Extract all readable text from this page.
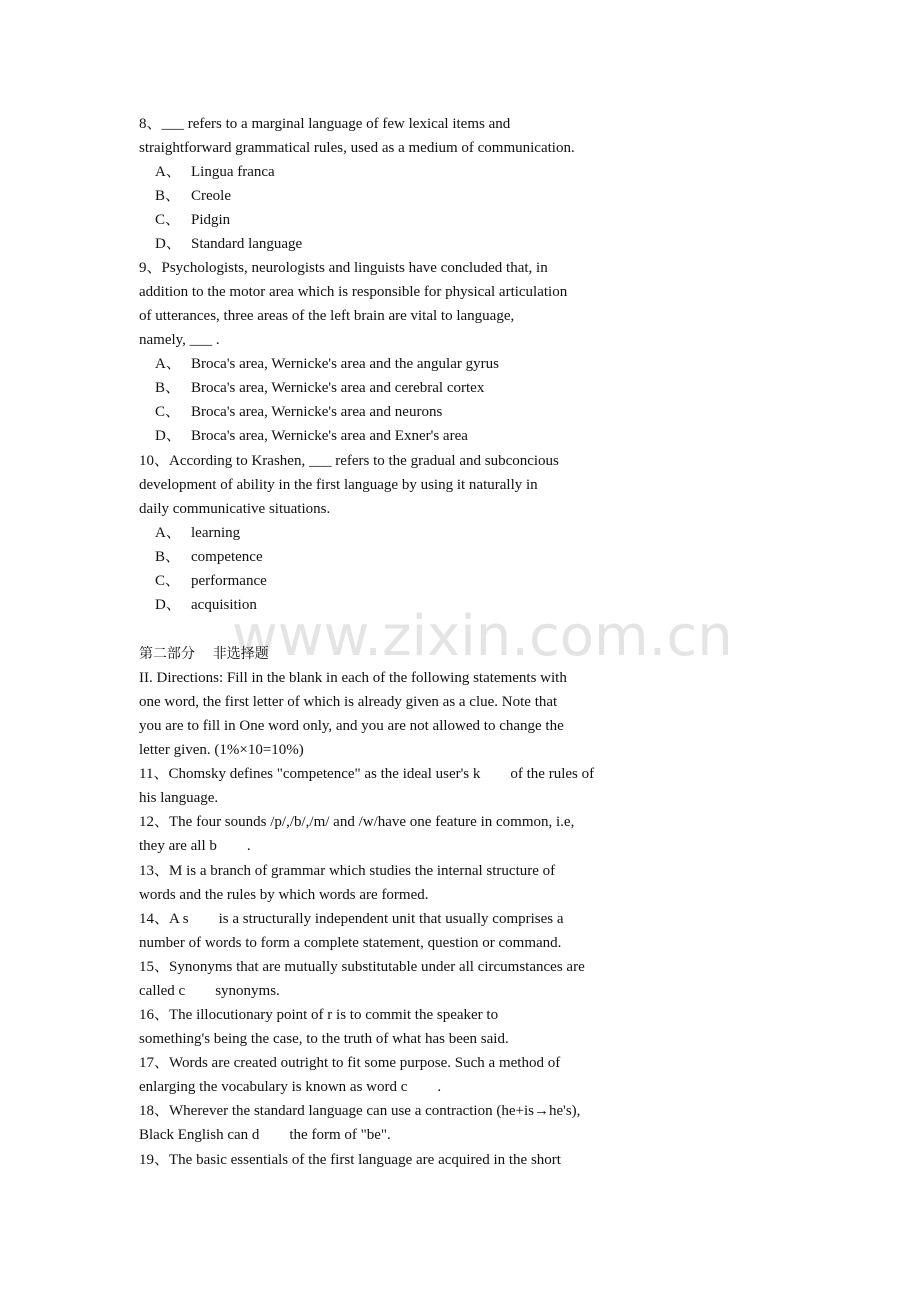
www.zixin.com.cn
8、___ refers to a marginal language of few lexical items and
straightforward grammatical rules, used as a medium of communication.
A、 Lingua franca
B、 Creole
C、 Pidgin
D、 Standard language
9、Psychologists, neurologists and linguists have concluded that, in
addition to the motor area which is responsible for physical articulation
of utterances, three areas of the left brain are vital to language,
namely, ___ .
A、 Broca's area, Wernicke's area and the angular gyrus
B、 Broca's area, Wernicke's area and cerebral cortex
C、 Broca's area, Wernicke's area and neurons
D、 Broca's area, Wernicke's area and Exner's area
10、According to Krashen, ___ refers to the gradual and subconcious
development of ability in the first language by using it naturally in
daily communicative situations.
A、 learning
B、 competence
C、 performance
D、 acquisition
第二部分    非选择题
II. Directions: Fill in the blank in each of the following statements with
one word, the first letter of which is already given as a clue. Note that
you are to fill in One word only, and you are not allowed to change the
letter given. (1%×10=10%)
11、Chomsky defines "competence" as the ideal user's k        of the rules of
his language.
12、The four sounds /p/,/b/,/m/ and /w/have one feature in common, i.e,
they are all b        .
13、M is a branch of grammar which studies the internal structure of
words and the rules by which words are formed.
14、A s        is a structurally independent unit that usually comprises a
number of words to form a complete statement, question or command.
15、Synonyms that are mutually substitutable under all circumstances are
called c        synonyms.
16、The illocutionary point of r is to commit the speaker to
something's being the case, to the truth of what has been said.
17、Words are created outright to fit some purpose. Such a method of
enlarging the vocabulary is known as word c        .
18、Wherever the standard language can use a contraction (he+is→he's),
Black English can d        the form of "be".
19、The basic essentials of the first language are acquired in the short
